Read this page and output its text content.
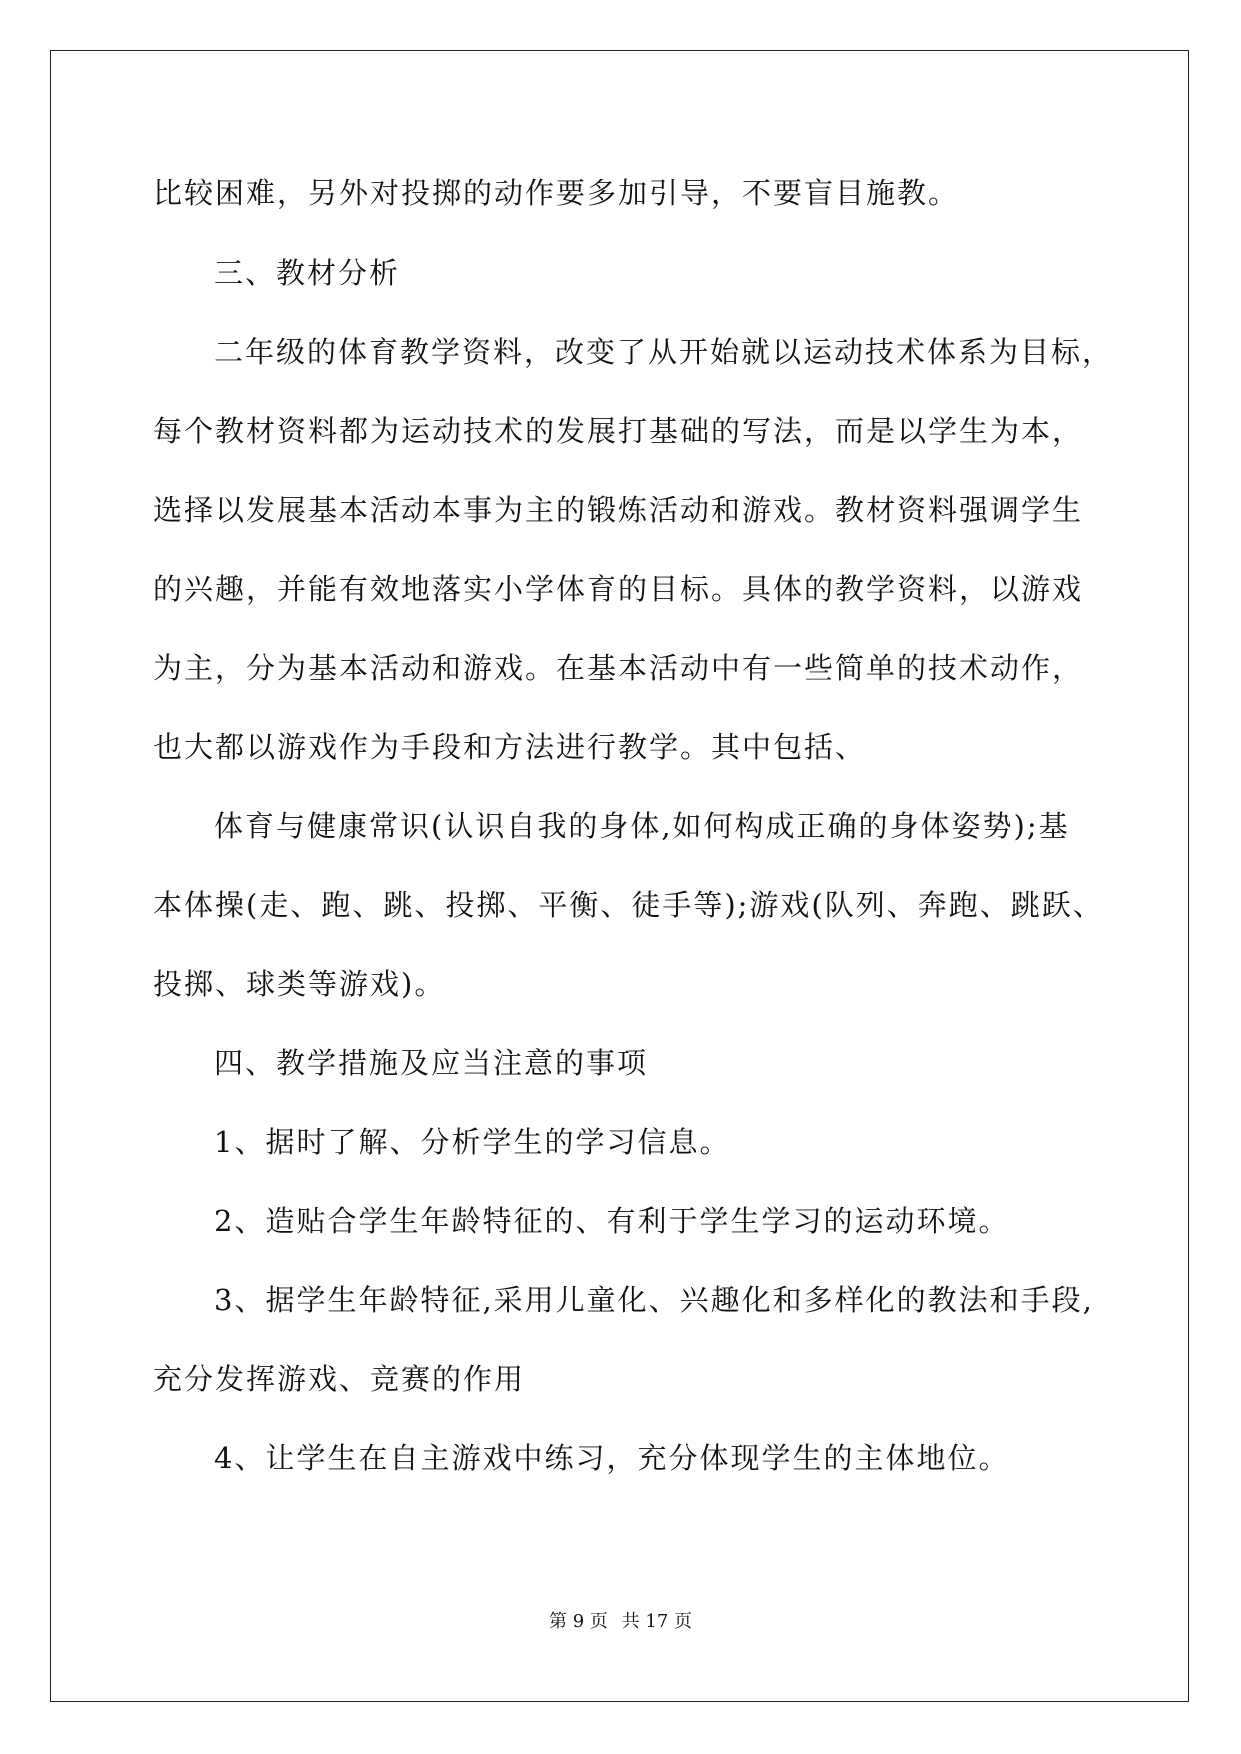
比较困难，另外对投掷的动作要多加引导，不要盲目施教。
三、教材分析
二年级的体育教学资料，改变了从开始就以运动技术体系为目标，
每个教材资料都为运动技术的发展打基础的写法，而是以学生为本，
选择以发展基本活动本事为主的锻炼活动和游戏。教材资料强调学生
的兴趣，并能有效地落实小学体育的目标。具体的教学资料，以游戏
为主，分为基本活动和游戏。在基本活动中有一些简单的技术动作，
也大都以游戏作为手段和方法进行教学。其中包括、
体育与健康常识(认识自我的身体,如何构成正确的身体姿势);基
本体操(走、跑、跳、投掷、平衡、徒手等);游戏(队列、奔跑、跳跃、
投掷、球类等游戏)。
四、教学措施及应当注意的事项
1、据时了解、分析学生的学习信息。
2、造贴合学生年龄特征的、有利于学生学习的运动环境。
3、据学生年龄特征,采用儿童化、兴趣化和多样化的教法和手段,
充分发挥游戏、竞赛的作用
4、让学生在自主游戏中练习，充分体现学生的主体地位。
第 9 页 共 17 页
